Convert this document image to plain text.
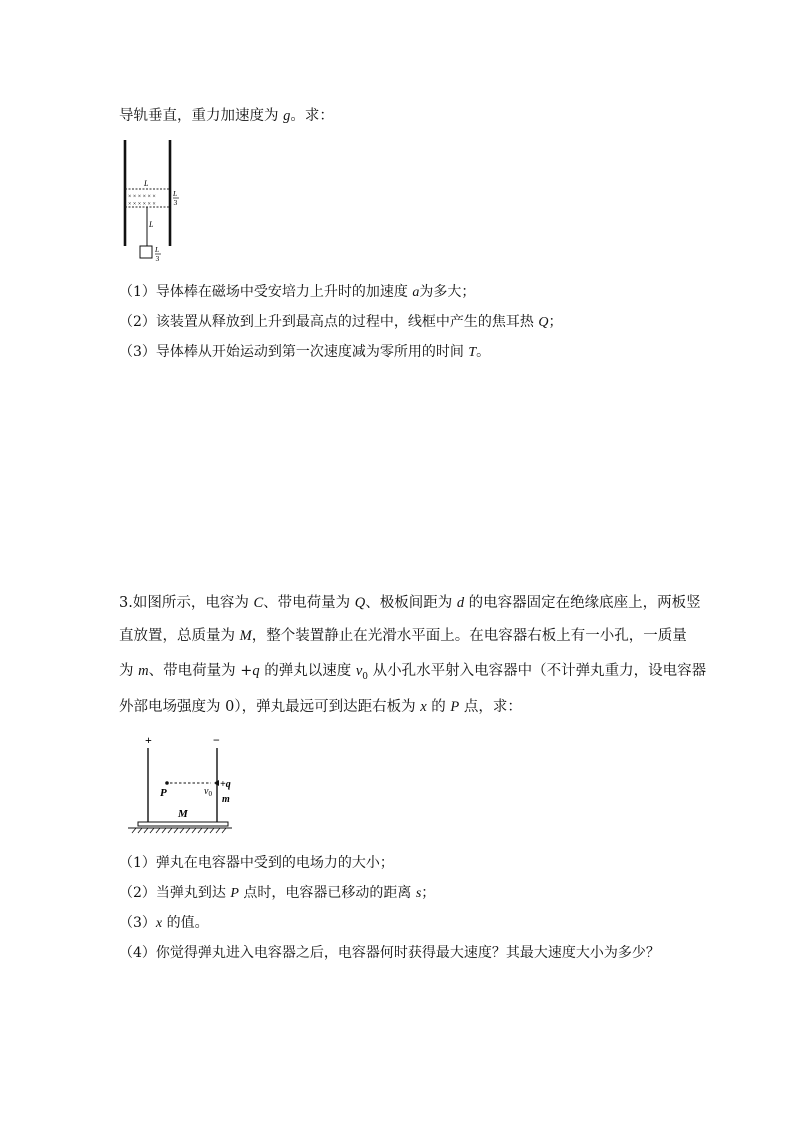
导轨垂直，重力加速度为 g。求：
× × × × × ×
× × × × × ×
L
L
3
L
L
3
（1）导体棒在磁场中受安培力上升时的加速度 a为多大；
（2）该装置从释放到上升到最高点的过程中，线框中产生的焦耳热 Q；
（3）导体棒从开始运动到第一次速度减为零所用的时间 T。
3.如图所示，电容为 C、带电荷量为 Q、极板间距为 d 的电容器固定在绝缘底座上，两板竖
直放置，总质量为 M，整个装置静止在光滑水平面上。在电容器右板上有一小孔，一质量
为 m、带电荷量为 +q 的弹丸以速度 $v_0$ 从小孔水平射入电容器中（不计弹丸重力，设电容器
外部电场强度为 0），弹丸最远可到达距右板为 x 的 P 点，求：
+	−
P	$v_0$
+q
m
M
（1）弹丸在电容器中受到的电场力的大小；
（2）当弹丸到达 P 点时，电容器已移动的距离 s；
（3）x 的值。
（4）你觉得弹丸进入电容器之后，电容器何时获得最大速度？其最大速度大小为多少？
